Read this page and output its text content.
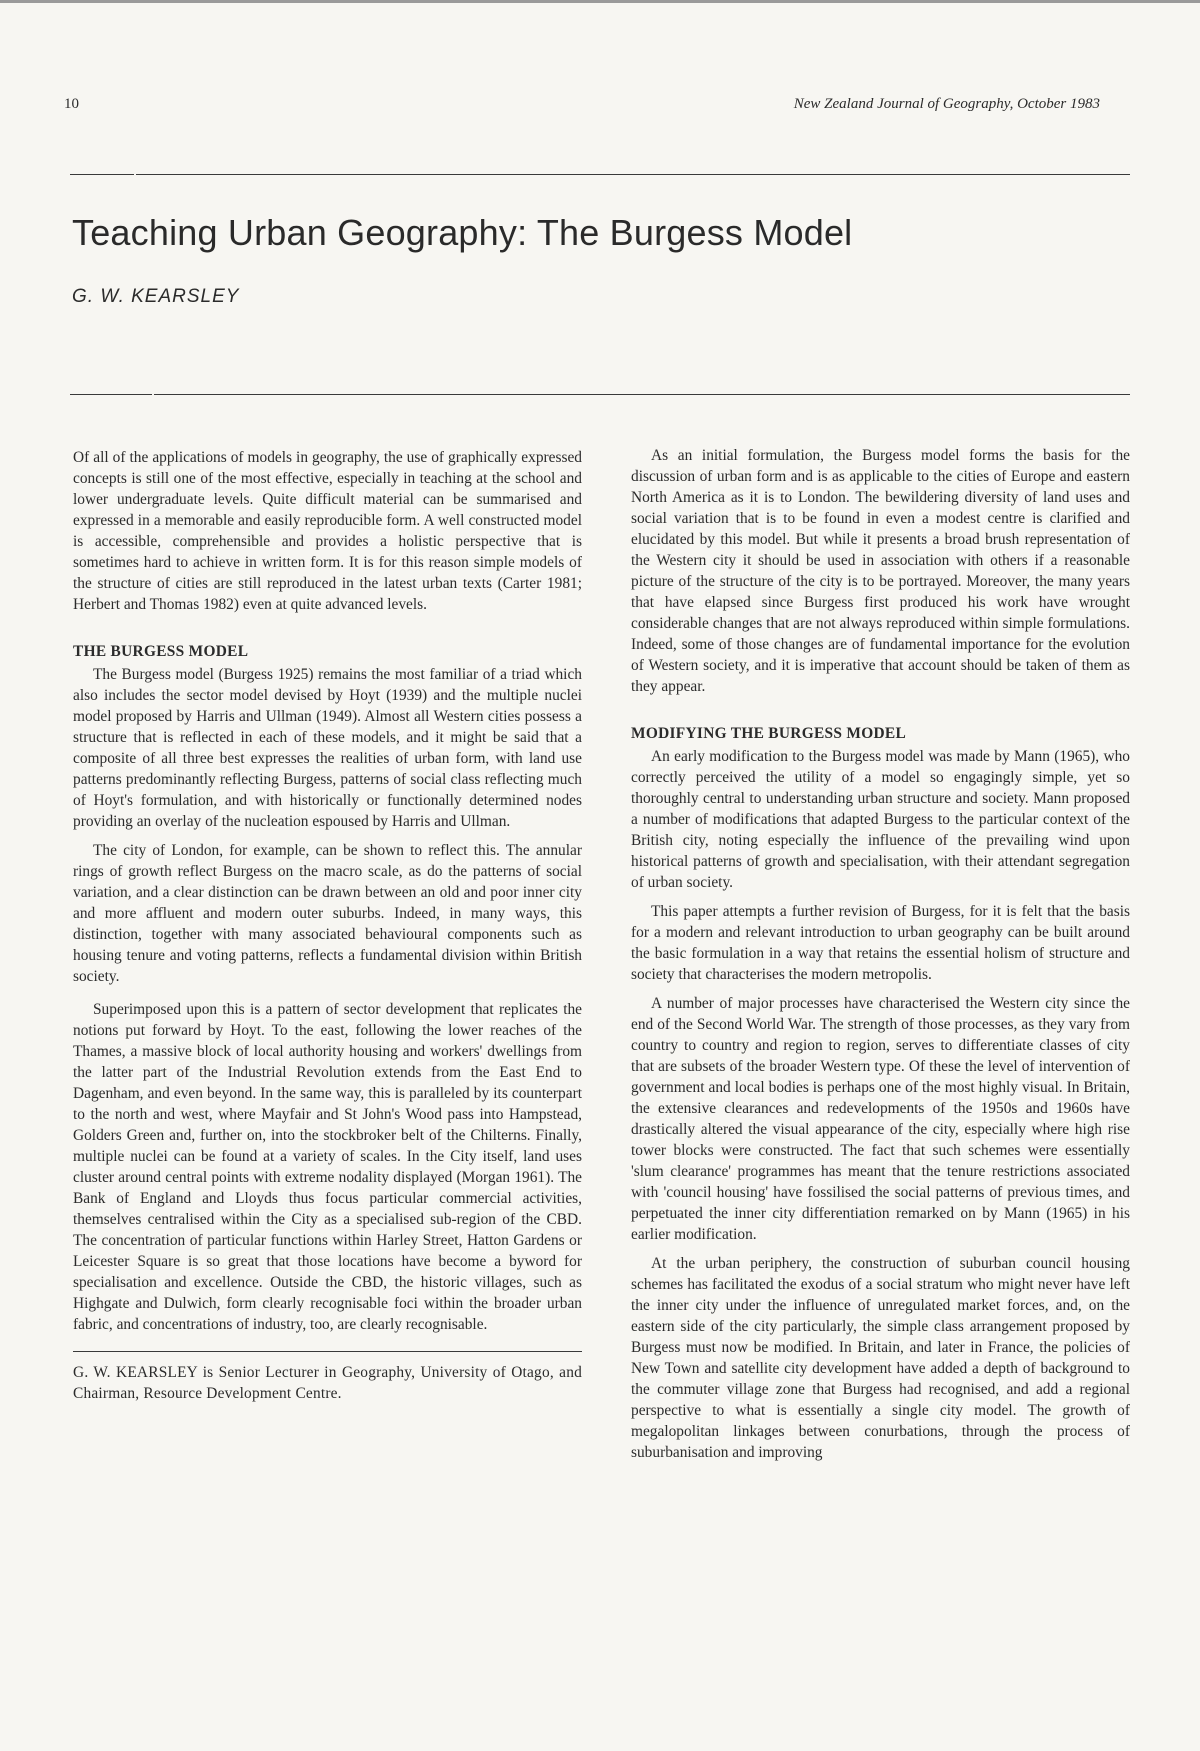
10	New Zealand Journal of Geography, October 1983
Teaching Urban Geography: The Burgess Model
G. W. KEARSLEY

Of all of the applications of models in geography, the use of graphically expressed concepts is still one of the most effective, especially in teaching at the school and lower undergraduate levels. Quite difficult material can be summarised and expressed in a memorable and easily reproducible form. A well constructed model is accessible, comprehensible and provides a holistic perspective that is sometimes hard to achieve in written form. It is for this reason simple models of the structure of cities are still reproduced in the latest urban texts (Carter 1981; Herbert and Thomas 1982) even at quite advanced levels.

THE BURGESS MODEL

The Burgess model (Burgess 1925) remains the most familiar of a triad which also includes the sector model devised by Hoyt (1939) and the multiple nuclei model proposed by Harris and Ullman (1949). Almost all Western cities possess a structure that is reflected in each of these models, and it might be said that a composite of all three best expresses the realities of urban form, with land use patterns predominantly reflecting Burgess, patterns of social class reflecting much of Hoyt's formulation, and with historically or functionally determined nodes providing an overlay of the nucleation espoused by Harris and Ullman.

The city of London, for example, can be shown to reflect this. The annular rings of growth reflect Burgess on the macro scale, as do the patterns of social variation, and a clear distinction can be drawn between an old and poor inner city and more affluent and modern outer suburbs. Indeed, in many ways, this distinction, together with many associated behavioural components such as housing tenure and voting patterns, reflects a fundamental division within British society.

Superimposed upon this is a pattern of sector development that replicates the notions put forward by Hoyt. To the east, following the lower reaches of the Thames, a massive block of local authority housing and workers' dwellings from the latter part of the Industrial Revolution extends from the East End to Dagenham, and even beyond. In the same way, this is paralleled by its counterpart to the north and west, where Mayfair and St John's Wood pass into Hampstead, Golders Green and, further on, into the stockbroker belt of the Chilterns. Finally, multiple nuclei can be found at a variety of scales. In the City itself, land uses cluster around central points with extreme nodality displayed (Morgan 1961). The Bank of England and Lloyds thus focus particular commercial activities, themselves centralised within the City as a specialised sub-region of the CBD. The concentration of particular functions within Harley Street, Hatton Gardens or Leicester Square is so great that those locations have become a byword for specialisation and excellence. Outside the CBD, the historic villages, such as Highgate and Dulwich, form clearly recognisable foci within the broader urban fabric, and concentrations of industry, too, are clearly recognisable.

G. W. KEARSLEY is Senior Lecturer in Geography, University of Otago, and Chairman, Resource Development Centre.

As an initial formulation, the Burgess model forms the basis for the discussion of urban form and is as applicable to the cities of Europe and eastern North America as it is to London. The bewildering diversity of land uses and social variation that is to be found in even a modest centre is clarified and elucidated by this model. But while it presents a broad brush representation of the Western city it should be used in association with others if a reasonable picture of the structure of the city is to be portrayed. Moreover, the many years that have elapsed since Burgess first produced his work have wrought considerable changes that are not always reproduced within simple formulations. Indeed, some of those changes are of fundamental importance for the evolution of Western society, and it is imperative that account should be taken of them as they appear.

MODIFYING THE BURGESS MODEL

An early modification to the Burgess model was made by Mann (1965), who correctly perceived the utility of a model so engagingly simple, yet so thoroughly central to understanding urban structure and society. Mann proposed a number of modifications that adapted Burgess to the particular context of the British city, noting especially the influence of the prevailing wind upon historical patterns of growth and specialisation, with their attendant segregation of urban society.

This paper attempts a further revision of Burgess, for it is felt that the basis for a modern and relevant introduction to urban geography can be built around the basic formulation in a way that retains the essential holism of structure and society that characterises the modern metropolis.

A number of major processes have characterised the Western city since the end of the Second World War. The strength of those processes, as they vary from country to country and region to region, serves to differentiate classes of city that are subsets of the broader Western type. Of these the level of intervention of government and local bodies is perhaps one of the most highly visual. In Britain, the extensive clearances and redevelopments of the 1950s and 1960s have drastically altered the visual appearance of the city, especially where high rise tower blocks were constructed. The fact that such schemes were essentially 'slum clearance' programmes has meant that the tenure restrictions associated with 'council housing' have fossilised the social patterns of previous times, and perpetuated the inner city differentiation remarked on by Mann (1965) in his earlier modification.

At the urban periphery, the construction of suburban council housing schemes has facilitated the exodus of a social stratum who might never have left the inner city under the influence of unregulated market forces, and, on the eastern side of the city particularly, the simple class arrangement proposed by Burgess must now be modified. In Britain, and later in France, the policies of New Town and satellite city development have added a depth of background to the commuter village zone that Burgess had recognised, and add a regional perspective to what is essentially a single city model. The growth of megalopolitan linkages between conurbations, through the process of suburbanisation and improving
